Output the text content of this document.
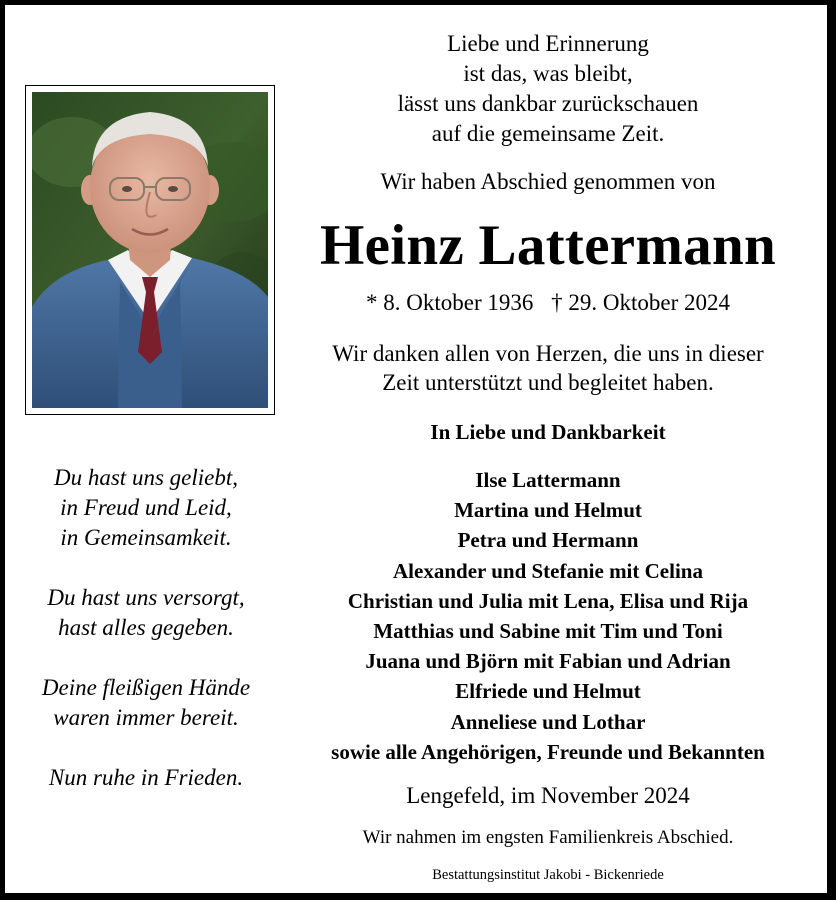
Du hast uns geliebt,
in Freud und Leid,
in Gemeinsamkeit.
Du hast uns versorgt,
hast alles gegeben.
Deine fleißigen Hände
waren immer bereit.
Nun ruhe in Frieden.
Liebe und Erinnerung
ist das, was bleibt,
lässt uns dankbar zurückschauen
auf die gemeinsame Zeit.
Wir haben Abschied genommen von
Heinz Lattermann
* 8. Oktober 1936 † 29. Oktober 2024
Wir danken allen von Herzen, die uns in dieser
Zeit unterstützt und begleitet haben.
In Liebe und Dankbarkeit
Ilse Lattermann
Martina und Helmut
Petra und Hermann
Alexander und Stefanie mit Celina
Christian und Julia mit Lena, Elisa und Rija
Matthias und Sabine mit Tim und Toni
Juana und Björn mit Fabian und Adrian
Elfriede und Helmut
Anneliese und Lothar
sowie alle Angehörigen, Freunde und Bekannten
Lengefeld, im November 2024
Wir nahmen im engsten Familienkreis Abschied.
Bestattungsinstitut Jakobi - Bickenriede
